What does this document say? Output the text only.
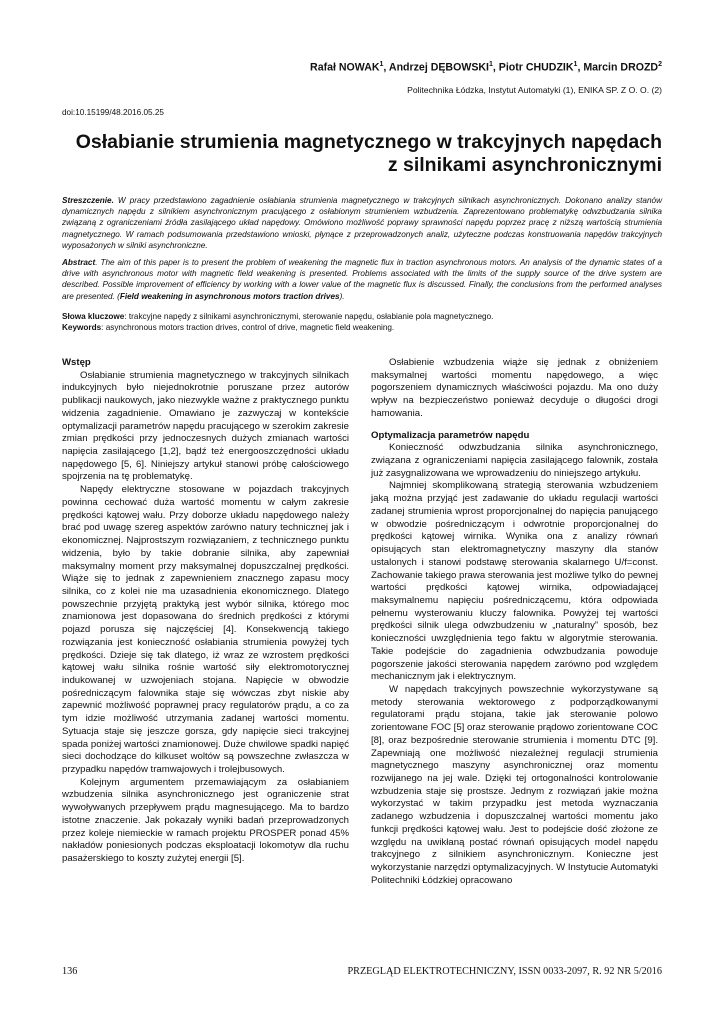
Rafał NOWAK$^1$, Andrzej DĘBOWSKI$^1$, Piotr CHUDZIK$^1$, Marcin DROZD$^2$
Politechnika Łódzka, Instytut Automatyki (1), ENIKA SP. Z O. O. (2)
doi:10.15199/48.2016.05.25
Osłabianie strumienia magnetycznego w trakcyjnych napędach
z silnikami asynchronicznymi
Streszczenie. W pracy przedstawiono zagadnienie osłabiania strumienia magnetycznego w trakcyjnych silnikach asynchronicznych. Dokonano analizy stanów dynamicznych napędu z silnikiem asynchronicznym pracującego z osłabionym strumieniem wzbudzenia. Zaprezentowano problematykę odwzbudzania silnika związaną z ograniczeniami źródła zasilającego układ napędowy. Omówiono możliwość poprawy sprawności napędu poprzez pracę z niższą wartością strumienia magnetycznego. W ramach podsumowania przedstawiono wnioski, płynące z przeprowadzonych analiz, użyteczne podczas konstruowania napędów trakcyjnych wyposażonych w silniki asynchroniczne.
Abstract. The aim of this paper is to present the problem of weakening the magnetic flux in traction asynchronous motors. An analysis of the dynamic states of a drive with asynchronous motor with magnetic field weakening is presented. Problems associated with the limits of the supply source of the drive system are described. Possible improvement of efficiency by working with a lower value of the magnetic flux is discussed. Finally, the conclusions from the performed analyses are presented. (Field weakening in asynchronous motors traction drives).
Słowa kluczowe: trakcyjne napędy z silnikami asynchronicznymi, sterowanie napędu, osłabianie pola magnetycznego.
Keywords: asynchronous motors traction drives, control of drive, magnetic field weakening.
Wstęp

Osłabianie strumienia magnetycznego w trakcyjnych silnikach indukcyjnych było niejednokrotnie poruszane przez autorów publikacji naukowych, jako niezwykle ważne z praktycznego punktu widzenia zagadnienie. Omawiano je zazwyczaj w kontekście optymalizacji parametrów napędu pracującego w szerokim zakresie zmian prędkości przy jednoczesnych dużych zmianach wartości napięcia zasilającego [1,2], bądź też energooszczędności układu napędowego [5, 6]. Niniejszy artykuł stanowi próbę całościowego spojrzenia na tę problematykę.

Napędy elektryczne stosowane w pojazdach trakcyjnych powinna cechować duża wartość momentu w całym zakresie prędkości kątowej wału. Przy doborze układu napędowego należy brać pod uwagę szereg aspektów zarówno natury technicznej jak i ekonomicznej. Najprostszym rozwiązaniem, z technicznego punktu widzenia, było by takie dobranie silnika, aby zapewniał maksymalny moment przy maksymalnej dopuszczalnej prędkości. Wiąże się to jednak z zapewnieniem znacznego zapasu mocy silnika, co z kolei nie ma uzasadnienia ekonomicznego. Dlatego powszechnie przyjętą praktyką jest wybór silnika, którego moc znamionowa jest dopasowana do średnich prędkości z którymi pojazd porusza się najczęściej [4]. Konsekwencją takiego rozwiązania jest konieczność osłabiania strumienia powyżej tych prędkości. Dzieje się tak dlatego, iż wraz ze wzrostem prędkości kątowej wału silnika rośnie wartość siły elektromotorycznej indukowanej w uzwojeniach stojana. Napięcie w obwodzie pośredniczącym falownika staje się wówczas zbyt niskie aby zapewnić możliwość poprawnej pracy regulatorów prądu, a co za tym idzie możliwość utrzymania zadanej wartości momentu. Sytuacja staje się jeszcze gorsza, gdy napięcie sieci trakcyjnej spada poniżej wartości znamionowej. Duże chwilowe spadki napięć sieci dochodzące do kilkuset woltów są powszechne zwłaszcza w przypadku napędów tramwajowych i trolejbusowych.

Kolejnym argumentem przemawiającym za osłabianiem wzbudzenia silnika asynchronicznego jest ograniczenie strat wywoływanych przepływem prądu magnesującego. Ma to bardzo istotne znaczenie. Jak pokazały wyniki badań przeprowadzonych przez koleje niemieckie w ramach projektu PROSPER ponad 45% nakładów poniesionych podczas eksploatacji lokomotyw dla ruchu pasażerskiego to koszty zużytej energii [5].

Osłabienie wzbudzenia wiąże się jednak z obniżeniem maksymalnej wartości momentu napędowego, a więc pogorszeniem dynamicznych właściwości pojazdu. Ma ono duży wpływ na bezpieczeństwo ponieważ decyduje o długości drogi hamowania.

Optymalizacja parametrów napędu

Konieczność odwzbudzania silnika asynchronicznego, związana z ograniczeniami napięcia zasilającego falownik, została już zasygnalizowana we wprowadzeniu do niniejszego artykułu.

Najmniej skomplikowaną strategią sterowania wzbudzeniem jaką można przyjąć jest zadawanie do układu regulacji wartości zadanej strumienia wprost proporcjonalnej do napięcia panującego w obwodzie pośredniczącym i odwrotnie proporcjonalnej do prędkości kątowej wirnika. Wynika ona z analizy równań opisujących stan elektromagnetyczny maszyny dla stanów ustalonych i stanowi podstawę sterowania skalarnego U/f=const. Zachowanie takiego prawa sterowania jest możliwe tylko do pewnej wartości prędkości kątowej wirnika, odpowiadającej maksymalnemu napięciu pośredniczącemu, która odpowiada pełnemu wysterowaniu kluczy falownika. Powyżej tej wartości prędkości silnik ulega odwzbudzeniu w „naturalny” sposób, bez konieczności uwzględnienia tego faktu w algorytmie sterowania. Takie podejście do zagadnienia odwzbudzania powoduje pogorszenie jakości sterowania napędem zarówno pod względem mechanicznym jak i elektrycznym.

W napędach trakcyjnych powszechnie wykorzystywane są metody sterowania wektorowego z podporządkowanymi regulatorami prądu stojana, takie jak sterowanie polowo zorientowane FOC [5] oraz sterowanie prądowo zorientowane COC [8], oraz bezpośrednie sterowanie strumienia i momentu DTC [9]. Zapewniają one możliwość niezależnej regulacji strumienia magnetycznego maszyny asynchronicznej oraz momentu rozwijanego na jej wale. Dzięki tej ortogonalności kontrolowanie wzbudzenia staje się prostsze. Jednym z rozwiązań jakie można wykorzystać w takim przypadku jest metoda wyznaczania zadanego wzbudzenia i dopuszczalnej wartości momentu jako funkcji prędkości kątowej wału. Jest to podejście dość złożone ze względu na uwikłaną postać równań opisujących model napędu trakcyjnego z silnikiem asynchronicznym. Konieczne jest wykorzystanie narzędzi optymalizacyjnych. W Instytucie Automatyki Politechniki Łódzkiej opracowano

136	PRZEGLĄD ELEKTROTECHNICZNY, ISSN 0033-2097, R. 92 NR 5/2016
